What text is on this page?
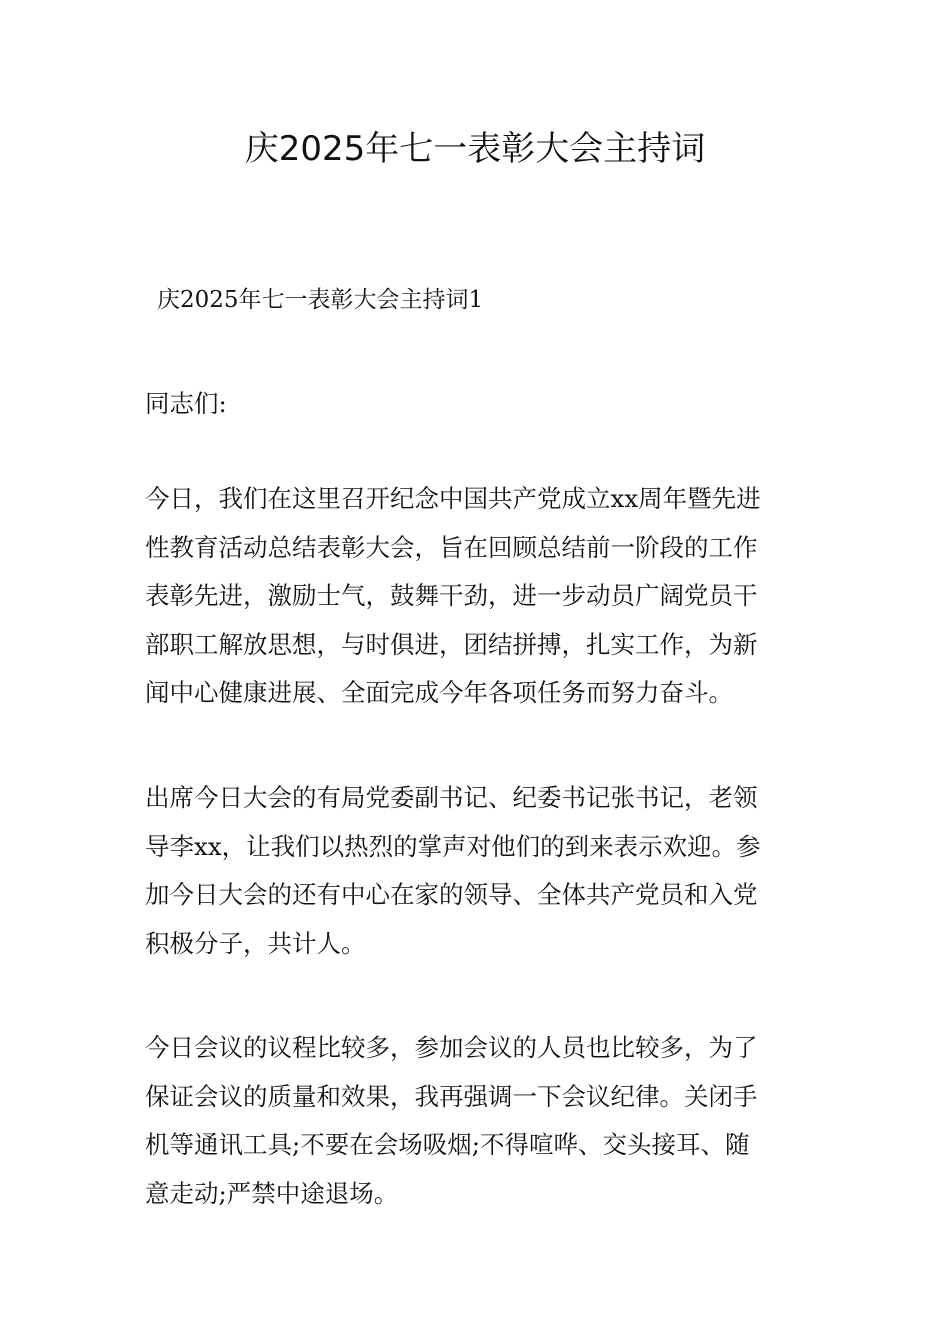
庆2025年七一表彰大会主持词

庆2025年七一表彰大会主持词1

同志们:

今日，我们在这里召开纪念中国共产党成立xx周年暨先进
性教育活动总结表彰大会，旨在回顾总结前一阶段的工作
表彰先进，激励士气，鼓舞干劲，进一步动员广阔党员干
部职工解放思想，与时俱进，团结拼搏，扎实工作，为新
闻中心健康进展、全面完成今年各项任务而努力奋斗。

出席今日大会的有局党委副书记、纪委书记张书记，老领
导李xx，让我们以热烈的掌声对他们的到来表示欢迎。参
加今日大会的还有中心在家的领导、全体共产党员和入党
积极分子，共计人。

今日会议的议程比较多，参加会议的人员也比较多，为了
保证会议的质量和效果，我再强调一下会议纪律。关闭手
机等通讯工具;不要在会场吸烟;不得喧哗、交头接耳、随
意走动;严禁中途退场。
